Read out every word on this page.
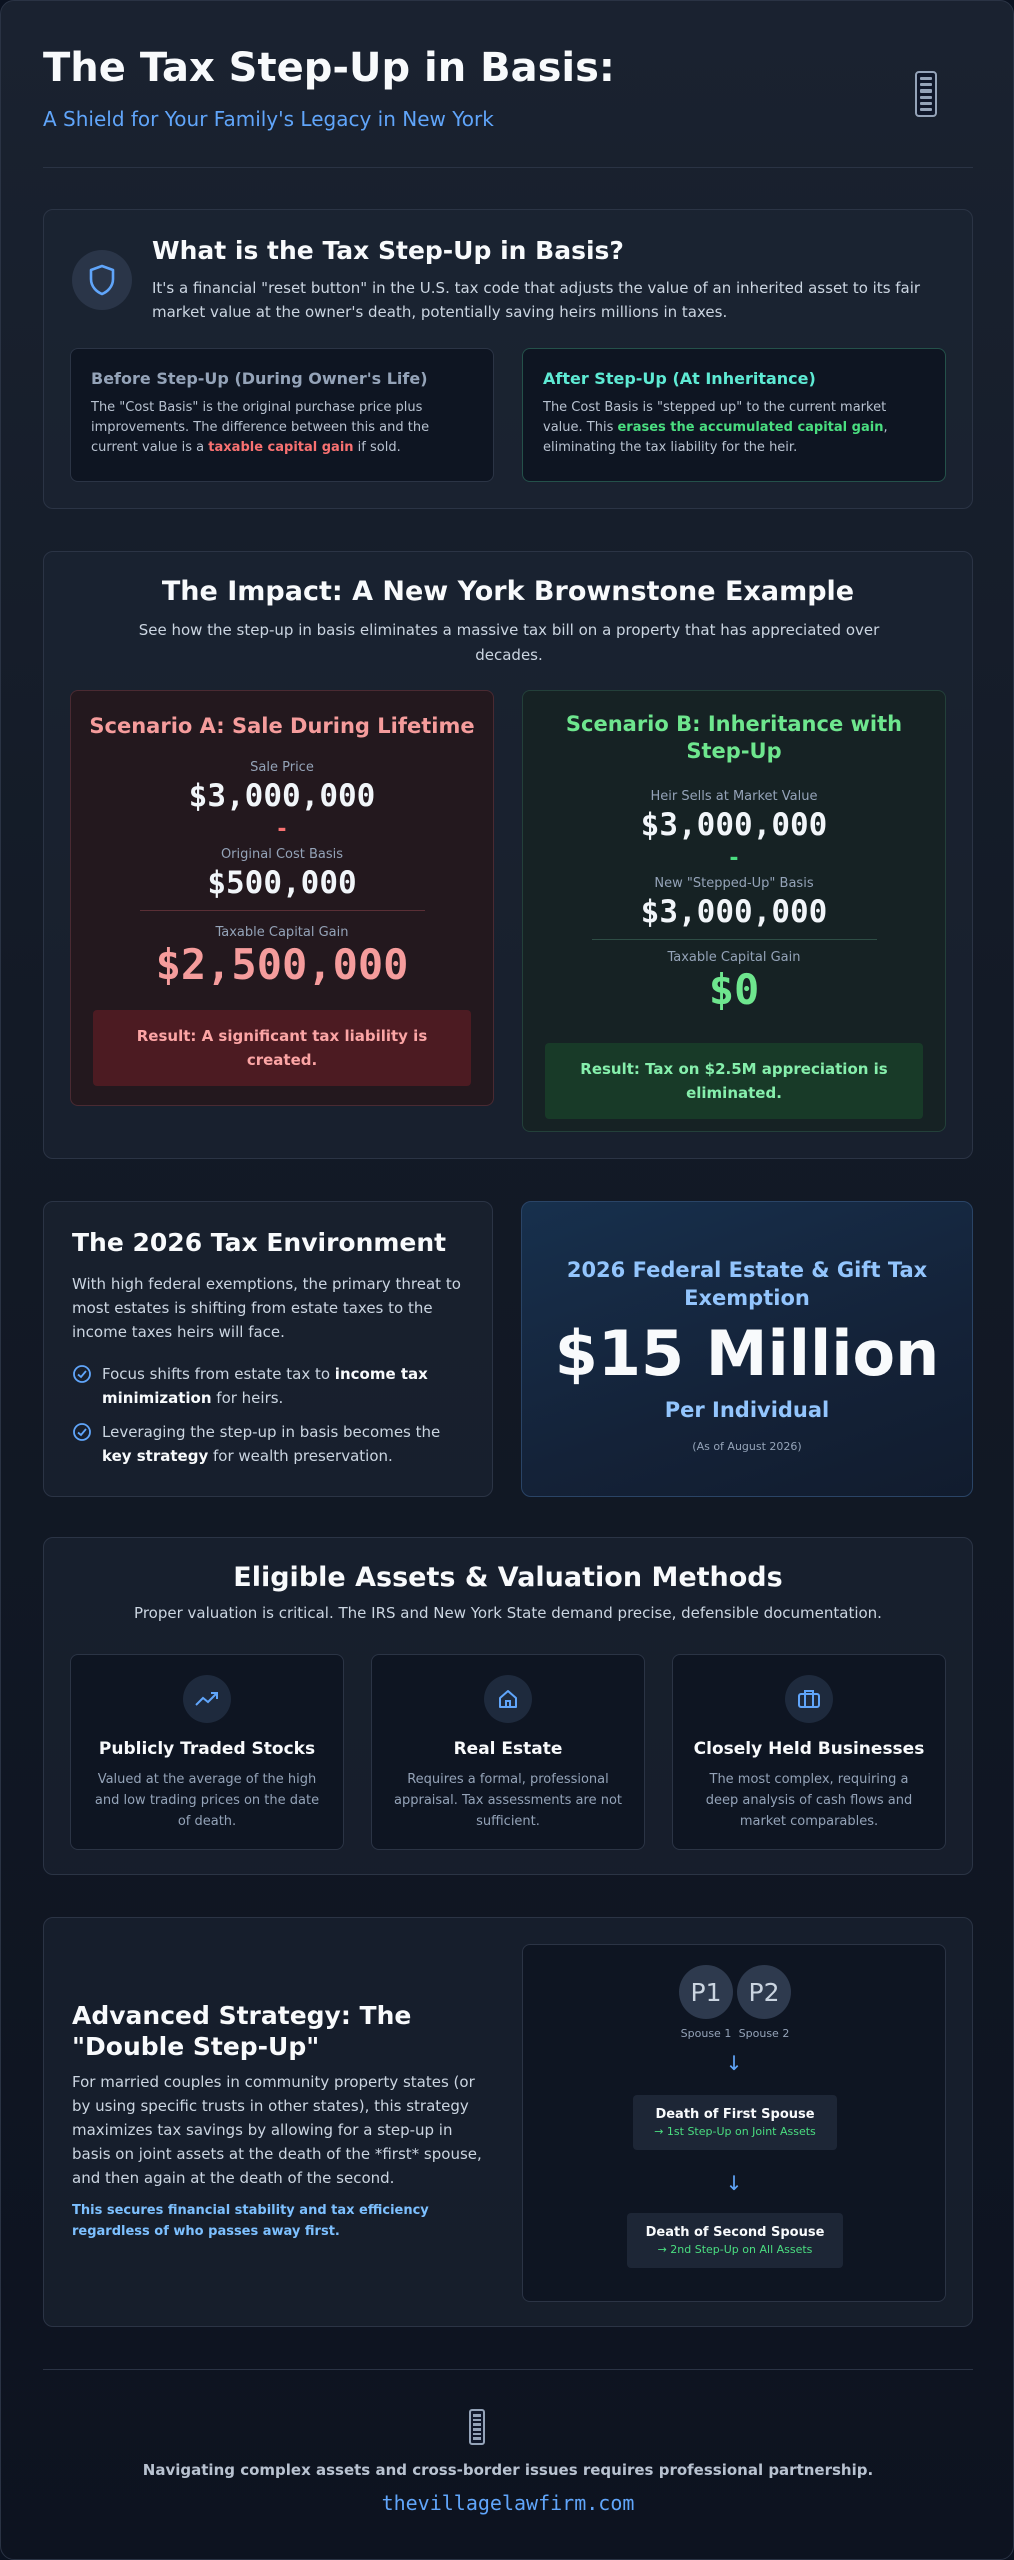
The Tax Step-Up in Basis:
A Shield for Your Family's Legacy in New York
What is the Tax Step-Up in Basis?
It's a financial "reset button" in the U.S. tax code that adjusts the value of an inherited asset to its fair market value at the owner's death, potentially saving heirs millions in taxes.
Before Step-Up (During Owner's Life)

The "Cost Basis" is the original purchase price plus improvements. The difference between this and the current value is a taxable capital gain if sold.

After Step-Up (At Inheritance)

The Cost Basis is "stepped up" to the current market value. This erases the accumulated capital gain, eliminating the tax liability for the heir.

The Impact: A New York Brownstone Example
See how the step-up in basis eliminates a massive tax bill on a property that has appreciated over decades.
Scenario A: Sale During Lifetime
Sale Price
$3,000,000
-
Original Cost Basis
$500,000
Taxable Capital Gain
$2,500,000
Result: A significant tax liability is created.
Scenario B: Inheritance with Step-Up
Heir Sells at Market Value
$3,000,000
-
New "Stepped-Up" Basis
$3,000,000
Taxable Capital Gain
$0
Result: Tax on $2.5M appreciation is eliminated.
The 2026 Tax Environment
With high federal exemptions, the primary threat to most estates is shifting from estate taxes to the income taxes heirs will face.
Focus shifts from estate tax to income tax minimization for heirs.
Leveraging the step-up in basis becomes the key strategy for wealth preservation.
2026 Federal Estate & Gift Tax Exemption
$15 Million
Per Individual
(As of August 2026)
Eligible Assets & Valuation Methods
Proper valuation is critical. The IRS and New York State demand precise, defensible documentation.
Publicly Traded Stocks

Valued at the average of the high and low trading prices on the date of death.

Real Estate

Requires a formal, professional appraisal. Tax assessments are not sufficient.

Closely Held Businesses

The most complex, requiring a deep analysis of cash flows and market comparables.

Advanced Strategy: The "Double Step-Up"
For married couples in community property states (or by using specific trusts in other states), this strategy maximizes tax savings by allowing for a step-up in basis on joint assets at the death of the *first* spouse, and then again at the death of the second.
This secures financial stability and tax efficiency regardless of who passes away first.
P1	P2
Spouse 1 Spouse 2
↓
Death of First Spouse
→ 1st Step-Up on Joint Assets
↓
Death of Second Spouse
→ 2nd Step-Up on All Assets
Navigating complex assets and cross-border issues requires professional partnership.
thevillagelawfirm.com
